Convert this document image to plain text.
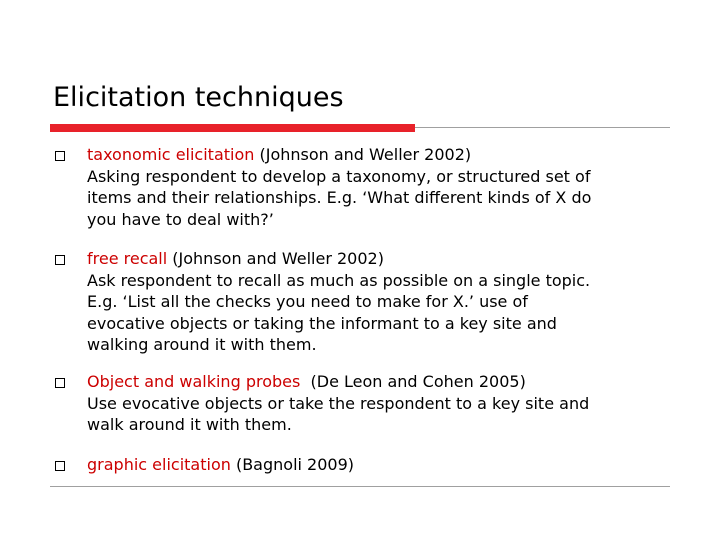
Elicitation techniques
taxonomic elicitation (Johnson and Weller 2002)
Asking respondent to develop a taxonomy, or structured set of
items and their relationships. E.g. ‘What different kinds of X do
you have to deal with?’
free recall (Johnson and Weller 2002)
Ask respondent to recall as much as possible on a single topic.
E.g. ‘List all the checks you need to make for X.’ use of
evocative objects or taking the informant to a key site and
walking around it with them.
Object and walking probes  (De Leon and Cohen 2005)
Use evocative objects or take the respondent to a key site and
walk around it with them.
graphic elicitation (Bagnoli 2009)
